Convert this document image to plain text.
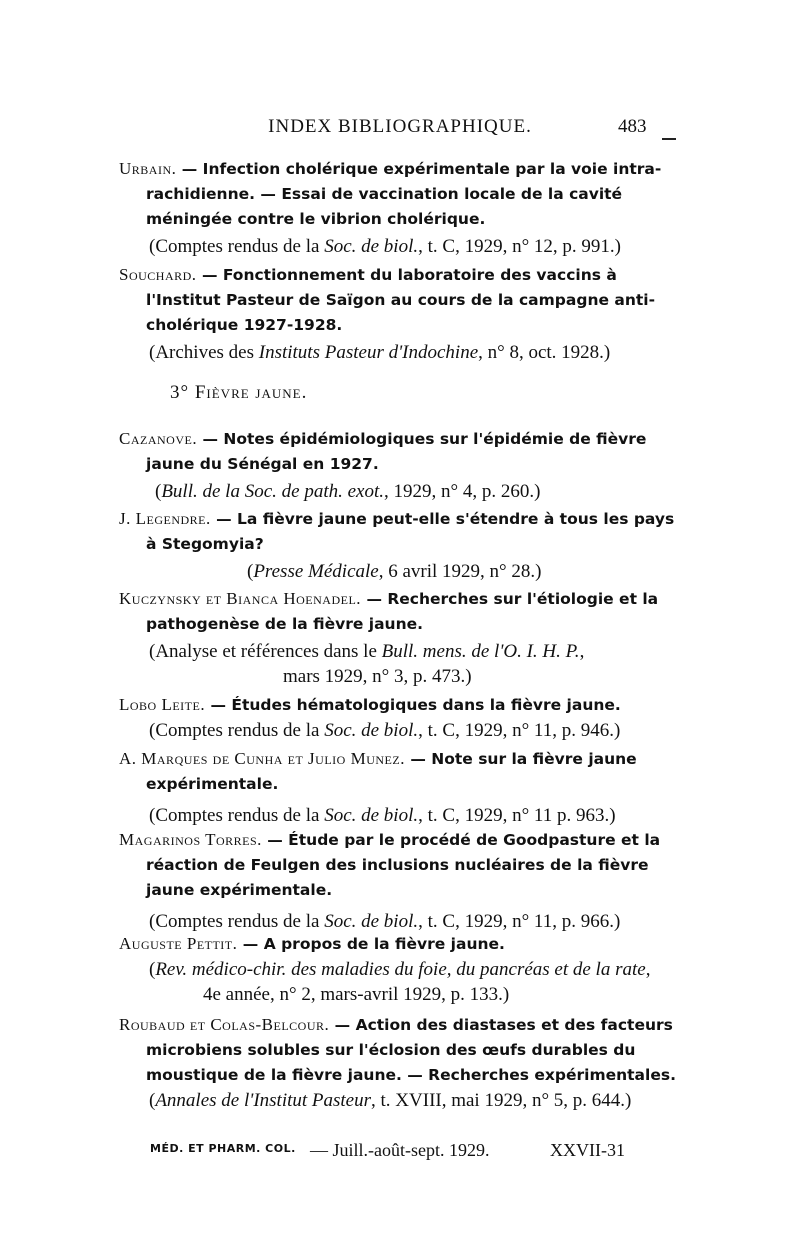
INDEX BIBLIOGRAPHIQUE.	483
Urbain. — Infection cholérique expérimentale par la voie intra-rachidienne. — Essai de vaccination locale de la cavité méningée contre le vibrion cholérique.
(Comptes rendus de la Soc. de biol., t. C, 1929, n° 12, p. 991.)
Souchard. — Fonctionnement du laboratoire des vaccins à l'Institut Pasteur de Saïgon au cours de la campagne anti-cholérique 1927-1928.
(Archives des Instituts Pasteur d'Indochine, n° 8, oct. 1928.)
3° Fièvre jaune.
Cazanove. — Notes épidémiologiques sur l'épidémie de fièvre jaune du Sénégal en 1927.
(Bull. de la Soc. de path. exot., 1929, n° 4, p. 260.)
J. Legendre. — La fièvre jaune peut-elle s'étendre à tous les pays à Stegomyia?
(Presse Médicale, 6 avril 1929, n° 28.)
Kuczynsky et Bianca Hoenadel. — Recherches sur l'étiologie et la pathogenèse de la fièvre jaune.
(Analyse et références dans le Bull. mens. de l'O. I. H. P.,
mars 1929, n° 3, p. 473.)
Lobo Leite. — Études hématologiques dans la fièvre jaune.
(Comptes rendus de la Soc. de biol., t. C, 1929, n° 11, p. 946.)
A. Marques de Cunha et Julio Munez. — Note sur la fièvre jaune expérimentale.
(Comptes rendus de la Soc. de biol., t. C, 1929, n° 11 p. 963.)
Magarinos Torres. — Étude par le procédé de Goodpasture et la réaction de Feulgen des inclusions nucléaires de la fièvre jaune expérimentale.
(Comptes rendus de la Soc. de biol., t. C, 1929, n° 11, p. 966.)
Auguste Pettit. — A propos de la fièvre jaune.
(Rev. médico-chir. des maladies du foie, du pancréas et de la rate,
4e année, n° 2, mars-avril 1929, p. 133.)
Roubaud et Colas-Belcour. — Action des diastases et des facteurs microbiens solubles sur l'éclosion des œufs durables du moustique de la fièvre jaune. — Recherches expérimentales.
(Annales de l'Institut Pasteur, t. XVIII, mai 1929, n° 5, p. 644.)
MÉD. ET PHARM. COL. — Juill.-août-sept. 1929.	XXVII-31
